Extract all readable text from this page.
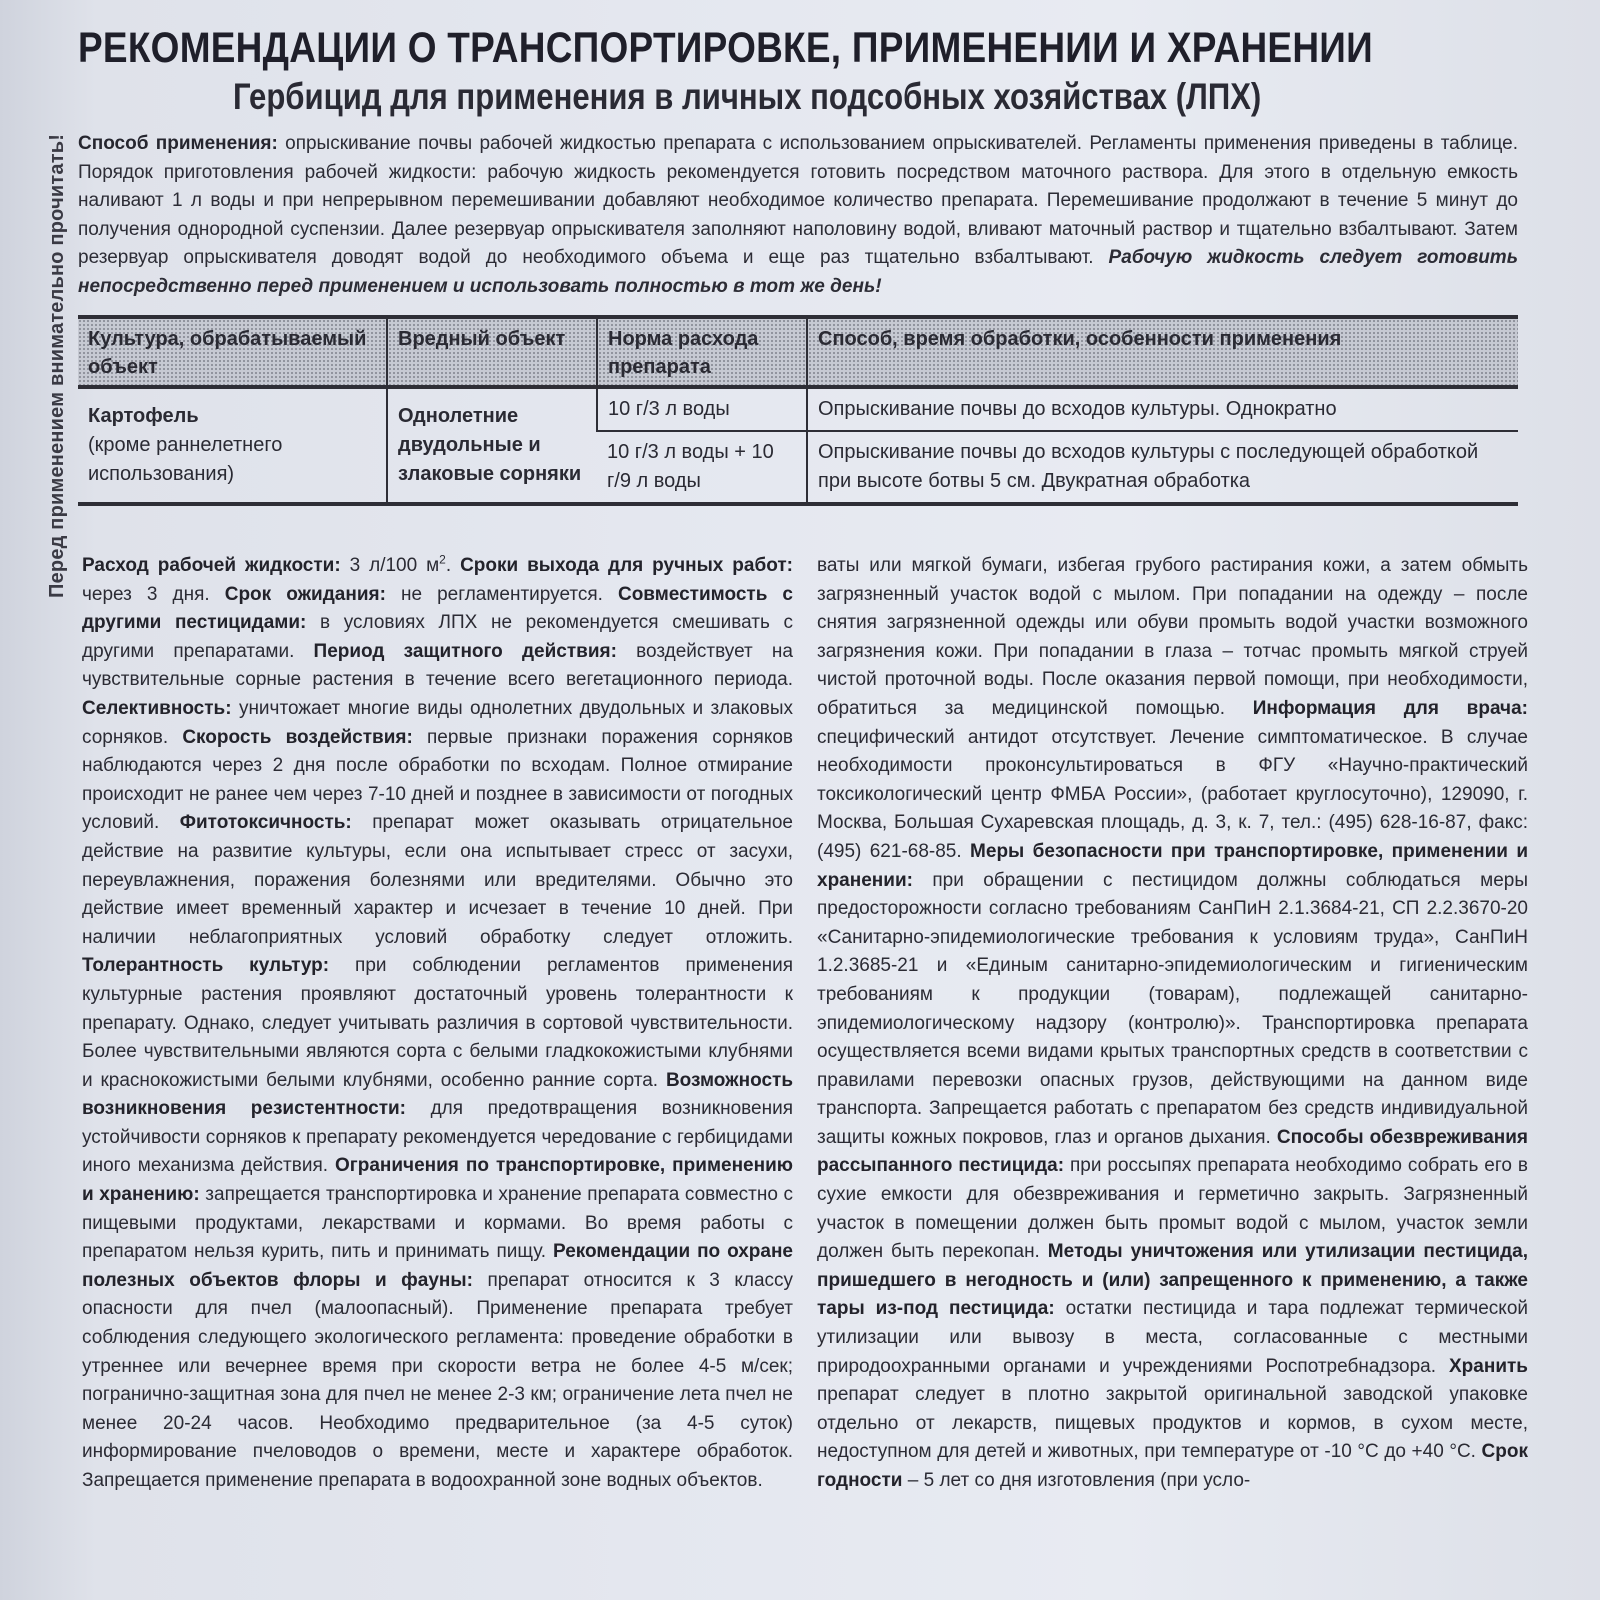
Перед применением внимательно прочитать!
РЕКОМЕНДАЦИИ О ТРАНСПОРТИРОВКЕ, ПРИМЕНЕНИИ И ХРАНЕНИИ
Гербицид для применения в личных подсобных хозяйствах (ЛПХ)

Способ применения: опрыскивание почвы рабочей жидкостью препарата с использованием опрыскивателей. Регламенты применения приведены в таблице. Порядок приготовления рабочей жидкости: рабочую жидкость рекомендуется готовить посредством маточного раствора. Для этого в отдельную емкость наливают 1 л воды и при непрерывном перемешивании добавляют необходимое количество препарата. Перемешивание продолжают в течение 5 минут до получения однородной суспензии. Далее резервуар опрыскивателя заполняют наполовину водой, вливают маточный раствор и тщательно взбалтывают. Затем резервуар опрыскивателя доводят водой до необходимого объема и еще раз тщательно взбалтывают. Рабочую жидкость следует готовить непосредственно перед применением и использовать полностью в тот же день!

Культура, обрабатываемый объект	Вредный объект	Норма расхода препарата	Способ, время обработки, особенности применения

Картофель
(кроме раннелетнего использования)	Однолетние двудольные и злаковые сорняки	10 г/3 л воды	Опрыскивание почвы до всходов культуры. Однократно
		10 г/3 л воды + 10 г/9 л воды	Опрыскивание почвы до всходов культуры с последующей обработкой при высоте ботвы 5 см. Двукратная обработка

Расход рабочей жидкости: 3 л/100 $м^2$. Сроки выхода для ручных работ: через 3 дня. Срок ожидания: не регламентируется. Совместимость с другими пестицидами: в условиях ЛПХ не рекомендуется смешивать с другими препаратами. Период защитного действия: воздействует на чувствительные сорные растения в течение всего вегетационного периода. Селективность: уничтожает многие виды однолетних двудольных и злаковых сорняков. Скорость воздействия: первые признаки поражения сорняков наблюдаются через 2 дня после обработки по всходам. Полное отмирание происходит не ранее чем через 7-10 дней и позднее в зависимости от погодных условий. Фитотоксичность: препарат может оказывать отрицательное действие на развитие культуры, если она испытывает стресс от засухи, переувлажнения, поражения болезнями или вредителями. Обычно это действие имеет временный характер и исчезает в течение 10 дней. При наличии неблагоприятных условий обработку следует отложить. Толерантность культур: при соблюдении регламентов применения культурные растения проявляют достаточный уровень толерантности к препарату. Однако, следует учитывать различия в сортовой чувствительности. Более чувствительными являются сорта с белыми гладкокожистыми клубнями и краснокожистыми белыми клубнями, особенно ранние сорта. Возможность возникновения резистентности: для предотвращения возникновения устойчивости сорняков к препарату рекомендуется чередование с гербицидами иного механизма действия. Ограничения по транспортировке, применению и хранению: запрещается транспортировка и хранение препарата совместно с пищевыми продуктами, лекарствами и кормами. Во время работы с препаратом нельзя курить, пить и принимать пищу. Рекомендации по охране полезных объектов флоры и фауны: препарат относится к 3 классу опасности для пчел (малоопасный). Применение препарата требует соблюдения следующего экологического регламента: проведение обработки в утреннее или вечернее время при скорости ветра не более 4-5 м/сек; погранично-защитная зона для пчел не менее 2-3 км; ограничение лета пчел не менее 20-24 часов. Необходимо предварительное (за 4-5 суток) информирование пчеловодов о времени, месте и характере обработок. Запрещается применение препарата в водоохранной зоне водных объектов.

ваты или мягкой бумаги, избегая грубого растирания кожи, а затем обмыть загрязненный участок водой с мылом. При попадании на одежду – после снятия загрязненной одежды или обуви промыть водой участки возможного загрязнения кожи. При попадании в глаза – тотчас промыть мягкой струей чистой проточной воды. После оказания первой помощи, при необходимости, обратиться за медицинской помощью. Информация для врача: специфический антидот отсутствует. Лечение симптоматическое. В случае необходимости проконсультироваться в ФГУ «Научно-практический токсикологический центр ФМБА России», (работает круглосуточно), 129090, г. Москва, Большая Сухаревская площадь, д. 3, к. 7, тел.: (495) 628-16-87, факс: (495) 621-68-85. Меры безопасности при транспортировке, применении и хранении: при обращении с пестицидом должны соблюдаться меры предосторожности согласно требованиям СанПиН 2.1.3684-21, СП 2.2.3670-20 «Санитарно-эпидемиологические требования к условиям труда», СанПиН 1.2.3685-21 и «Единым санитарно-эпидемиологическим и гигиеническим требованиям к продукции (товарам), подлежащей санитарно-эпидемиологическому надзору (контролю)». Транспортировка препарата осуществляется всеми видами крытых транспортных средств в соответствии с правилами перевозки опасных грузов, действующими на данном виде транспорта. Запрещается работать с препаратом без средств индивидуальной защиты кожных покровов, глаз и органов дыхания. Способы обезвреживания рассыпанного пестицида: при россыпях препарата необходимо собрать его в сухие емкости для обезвреживания и герметично закрыть. Загрязненный участок в помещении должен быть промыт водой с мылом, участок земли должен быть перекопан. Методы уничтожения или утилизации пестицида, пришедшего в негодность и (или) запрещенного к применению, а также тары из-под пестицида: остатки пестицида и тара подлежат термической утилизации или вывозу в места, согласованные с местными природоохранными органами и учреждениями Роспотребнадзора. Хранить препарат следует в плотно закрытой оригинальной заводской упаковке отдельно от лекарств, пищевых продуктов и кормов, в сухом месте, недоступном для детей и животных, при температуре от -10 °С до +40 °С. Срок годности – 5 лет со дня изготовления (при усло-
